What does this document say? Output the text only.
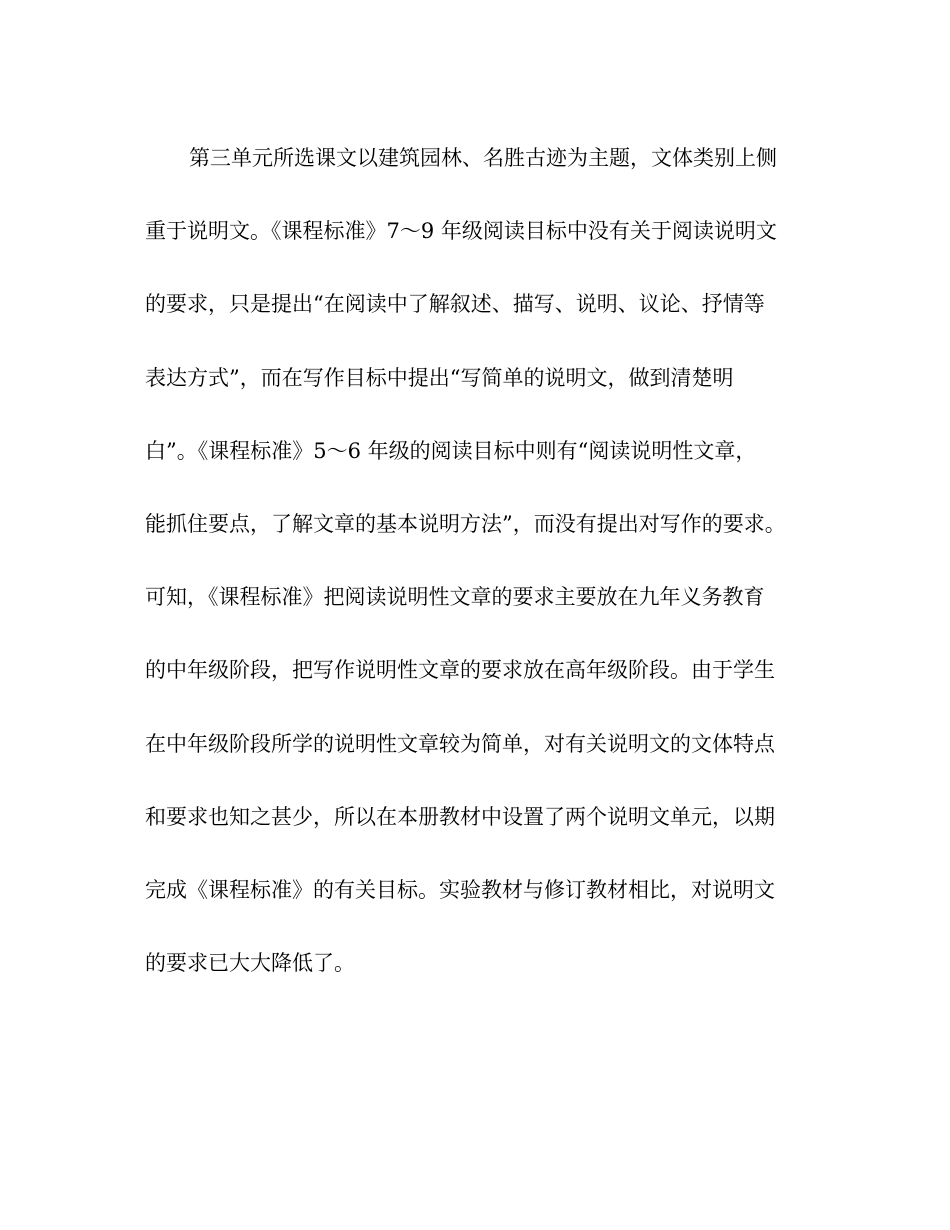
第三单元所选课文以建筑园林、名胜古迹为主题，文体类别上侧
重于说明文。《课程标准》7～9 年级阅读目标中没有关于阅读说明文
的要求，只是提出“在阅读中了解叙述、描写、说明、议论、抒情等
表达方式”，而在写作目标中提出“写简单的说明文，做到清楚明
白”。《课程标准》5～6 年级的阅读目标中则有“阅读说明性文章，
能抓住要点，了解文章的基本说明方法”，而没有提出对写作的要求。
可知，《课程标准》把阅读说明性文章的要求主要放在九年义务教育
的中年级阶段，把写作说明性文章的要求放在高年级阶段。由于学生
在中年级阶段所学的说明性文章较为简单，对有关说明文的文体特点
和要求也知之甚少，所以在本册教材中设置了两个说明文单元，以期
完成《课程标准》的有关目标。实验教材与修订教材相比，对说明文
的要求已大大降低了。
